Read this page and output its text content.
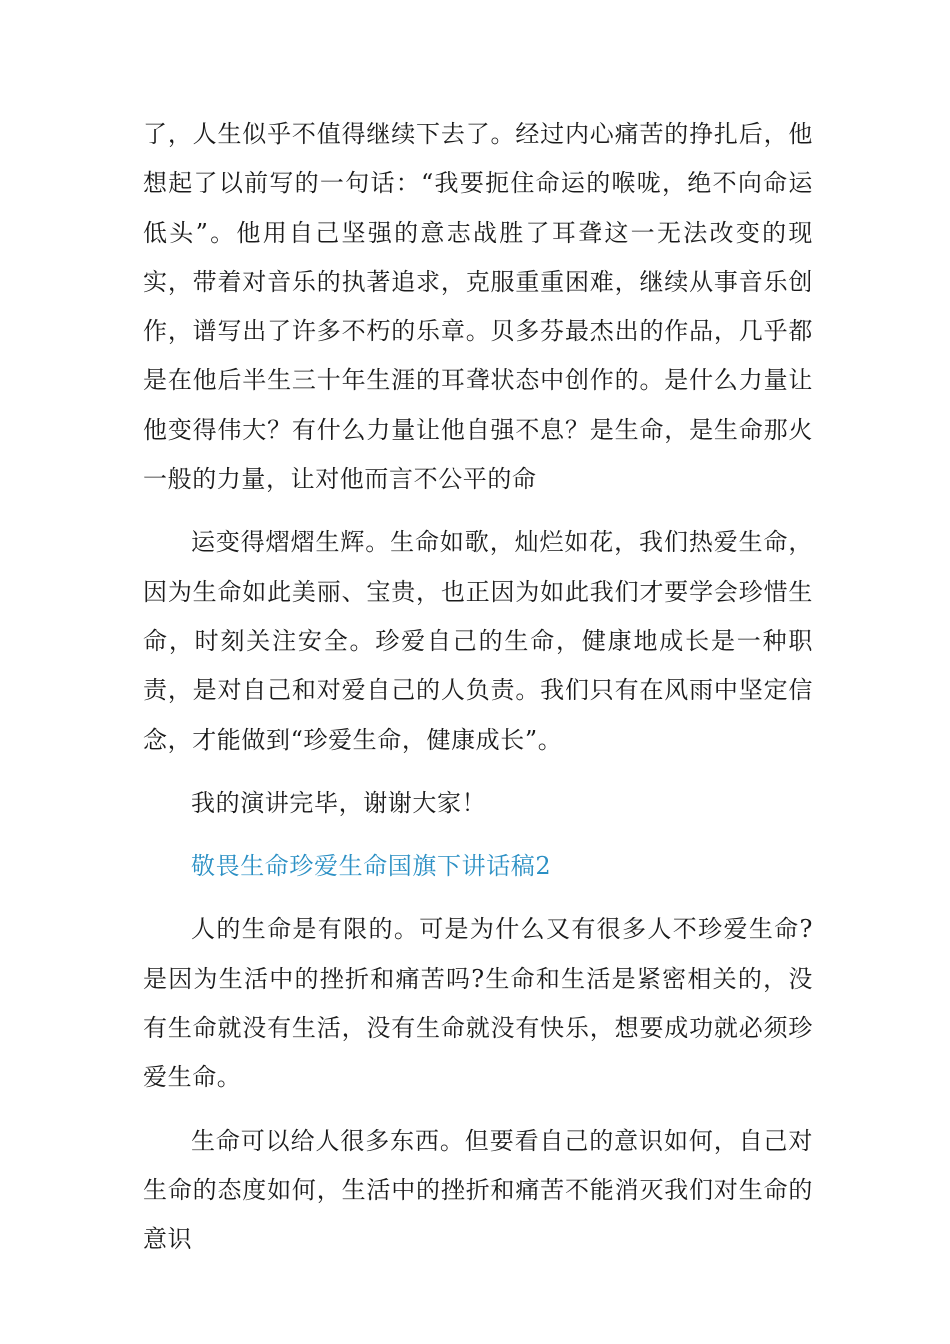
了，人生似乎不值得继续下去了。经过内心痛苦的挣扎后，他想起了以前写的一句话：“我要扼住命运的喉咙，绝不向命运低头”。他用自己坚强的意志战胜了耳聋这一无法改变的现实，带着对音乐的执著追求，克服重重困难，继续从事音乐创作，谱写出了许多不朽的乐章。贝多芬最杰出的作品，几乎都是在他后半生三十年生涯的耳聋状态中创作的。是什么力量让他变得伟大？有什么力量让他自强不息？是生命，是生命那火一般的力量，让对他而言不公平的命

运变得熠熠生辉。生命如歌，灿烂如花，我们热爱生命，因为生命如此美丽、宝贵，也正因为如此我们才要学会珍惜生命，时刻关注安全。珍爱自己的生命，健康地成长是一种职责，是对自己和对爱自己的人负责。我们只有在风雨中坚定信念，才能做到“珍爱生命，健康成长”。

我的演讲完毕，谢谢大家！

敬畏生命珍爱生命国旗下讲话稿2

人的生命是有限的。可是为什么又有很多人不珍爱生命?是因为生活中的挫折和痛苦吗?生命和生活是紧密相关的，没有生命就没有生活，没有生命就没有快乐，想要成功就必须珍爱生命。

生命可以给人很多东西。但要看自己的意识如何，自己对生命的态度如何，生活中的挫折和痛苦不能消灭我们对生命的意识
